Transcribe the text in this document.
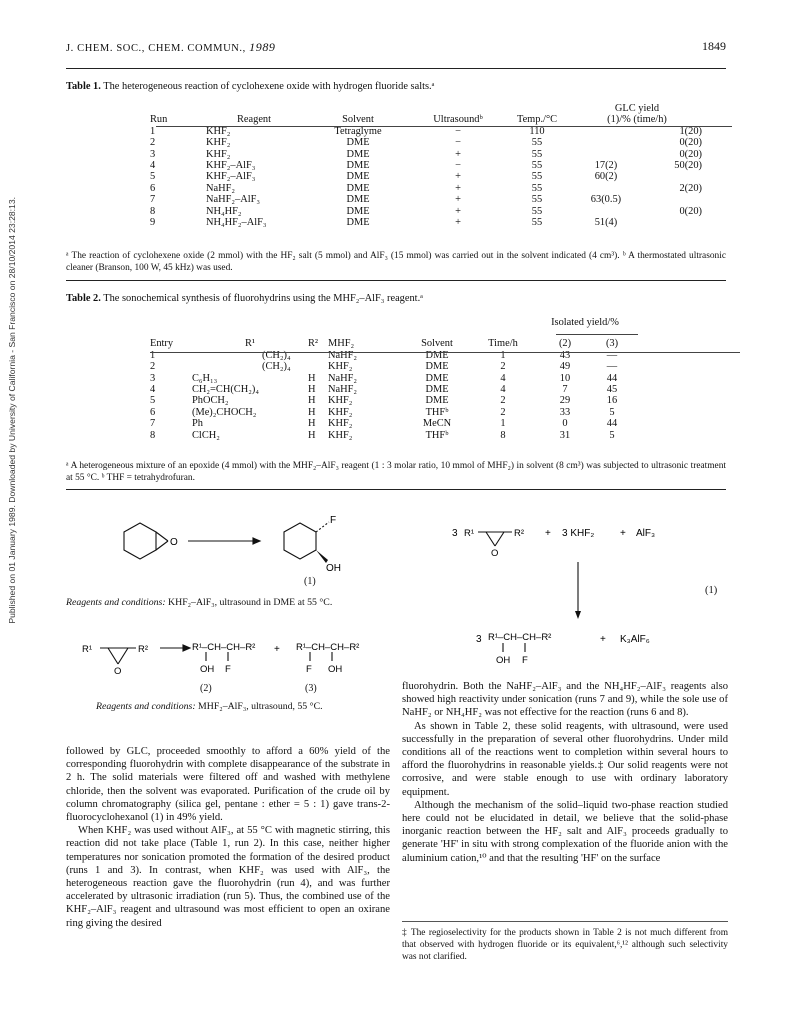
Published on 01 January 1989. Downloaded by University of California - San Francisco on 28/10/2014 23:28:13.
J. CHEM. SOC., CHEM. COMMUN., 1989	1849
Table 1. The heterogeneous reaction of cyclohexene oxide with hydrogen fluoride salts.ᵃ
					GLC yield	
Run	Reagent	Solvent	Ultrasoundᵇ	Temp./°C	(1)/% (time/h)	
1	KHF₂	Tetraglyme	−	110		1(20)
2	KHF₂	DME	−	55		0(20)
3	KHF₂	DME	+	55		0(20)
4	KHF₂–AlF₃	DME	−	55	17(2)	50(20)
5	KHF₂–AlF₃	DME	+	55	60(2)	
6	NaHF₂	DME	+	55		2(20)
7	NaHF₂–AlF₃	DME	+	55	63(0.5)	
8	NH₄HF₂	DME	+	55		0(20)
9	NH₄HF₂–AlF₃	DME	+	55	51(4)	
ᵃ The reaction of cyclohexene oxide (2 mmol) with the HF₂ salt (5 mmol) and AlF₃ (15 mmol) was carried out in the solvent indicated (4 cm³). ᵇ A thermostated ultrasonic cleaner (Branson, 100 W, 45 kHz) was used.
Table 2. The sonochemical synthesis of fluorohydrins using the MHF₂–AlF₃ reagent.ᵃ

						Isolated yield/%	

Entry	R¹	R²	MHF₂	Solvent	Time/h	(2)	(3)
1	(CH₂)₄		NaHF₂	DME	1	43	—
2	(CH₂)₄		KHF₂	DME	2	49	—
3	C₆H₁₃	H	NaHF₂	DME	4	10	44
4	CH₂=CH(CH₂)₄	H	NaHF₂	DME	4	7	45
5	PhOCH₂	H	KHF₂	DME	2	29	16
6	(Me)₂CHOCH₂	H	KHF₂	THFᵇ	2	33	5
7	Ph	H	KHF₂	MeCN	1	0	44
8	ClCH₂	H	KHF₂	THFᵇ	8	31	5
ᵃ A heterogeneous mixture of an epoxide (4 mmol) with the MHF₂–AlF₃ reagent (1 : 3 molar ratio, 10 mmol of MHF₂) in solvent (8 cm³) was subjected to ultrasonic treatment at 55 °C. ᵇ THF = tetrahydrofuran.
O
F
OH
(1)
Reagents and conditions: KHF₂–AlF₃, ultrasound in DME at 55 °C.
R¹	R²
O
R¹–CH–CH–R²
OH F
+ R¹–CH–CH–R²
F OH
(2)	(3)
Reagents and conditions: MHF₂–AlF₃, ultrasound, 55 °C.
3 R¹	R²
O
+ 3 KHF₂	+ AlF₃
3 R¹–CH–CH–R²
OH F
+ K₃AlF₆
(1)

followed by GLC, proceeded smoothly to afford a 60% yield of the corresponding fluorohydrin with complete disappearance of the substrate in 2 h. The solid materials were filtered off and washed with methylene chloride, then the solvent was evaporated. Purification of the crude oil by column chromatography (silica gel, pentane : ether = 5 : 1) gave trans-2-fluorocyclohexanol (1) in 49% yield.

When KHF₂ was used without AlF₃, at 55 °C with magnetic stirring, this reaction did not take place (Table 1, run 2). In this case, neither higher temperatures nor sonication promoted the formation of the desired product (runs 1 and 3). In contrast, when KHF₂ was used with AlF₃, the heterogeneous reaction gave the fluorohydrin (run 4), and was further accelerated by ultrasonic irradiation (run 5). Thus, the combined use of the KHF₂–AlF₃ reagent and ultrasound was most efficient to open an oxirane ring giving the desired

fluorohydrin. Both the NaHF₂–AlF₃ and the NH₄HF₂–AlF₃ reagents also showed high reactivity under sonication (runs 7 and 9), while the sole use of NaHF₂ or NH₄HF₂ was not effective for the reaction (runs 6 and 8).

As shown in Table 2, these solid reagents, with ultrasound, were used successfully in the preparation of several other fluorohydrins. Under mild conditions all of the reactions went to completion within several hours to afford the fluorohydrins in reasonable yields.‡ Our solid reagents were not corrosive, and were stable enough to use with ordinary laboratory equipment.

Although the mechanism of the solid–liquid two-phase reaction studied here could not be elucidated in detail, we believe that the solid-phase inorganic reaction between the HF₂ salt and AlF₃ proceeds gradually to generate 'HF' in situ with strong complexation of the fluoride anion with the aluminium cation,¹⁰ and that the resulting 'HF' on the surface

‡ The regioselectivity for the products shown in Table 2 is not much different from that observed with hydrogen fluoride or its equivalent,⁶,¹² although such selectivity was not clarified.
